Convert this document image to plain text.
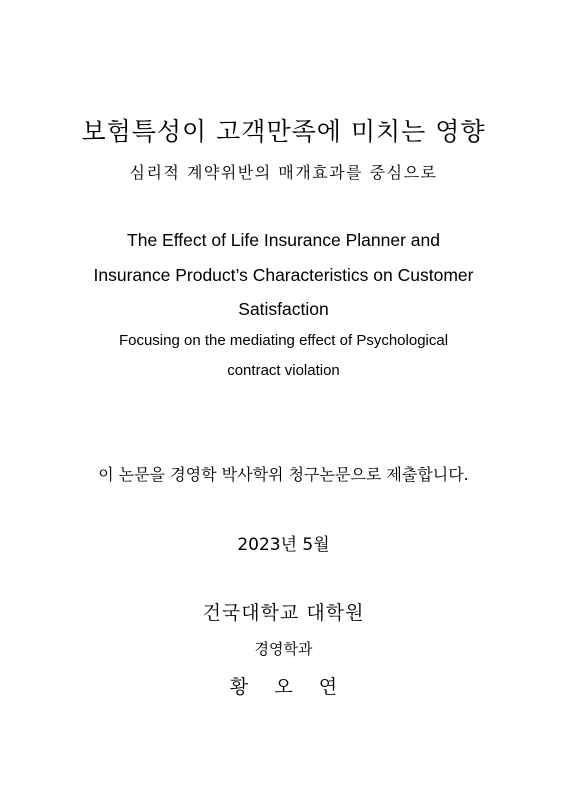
보험특성이 고객만족에 미치는 영향
심리적 계약위반의 매개효과를 중심으로
The Effect of Life Insurance Planner and
Insurance Product’s Characteristics on Customer
Satisfaction
Focusing on the mediating effect of Psychological
contract violation
이 논문을 경영학 박사학위 청구논문으로 제출합니다.
2023년 5월
건국대학교 대학원
경영학과
황 오 연
